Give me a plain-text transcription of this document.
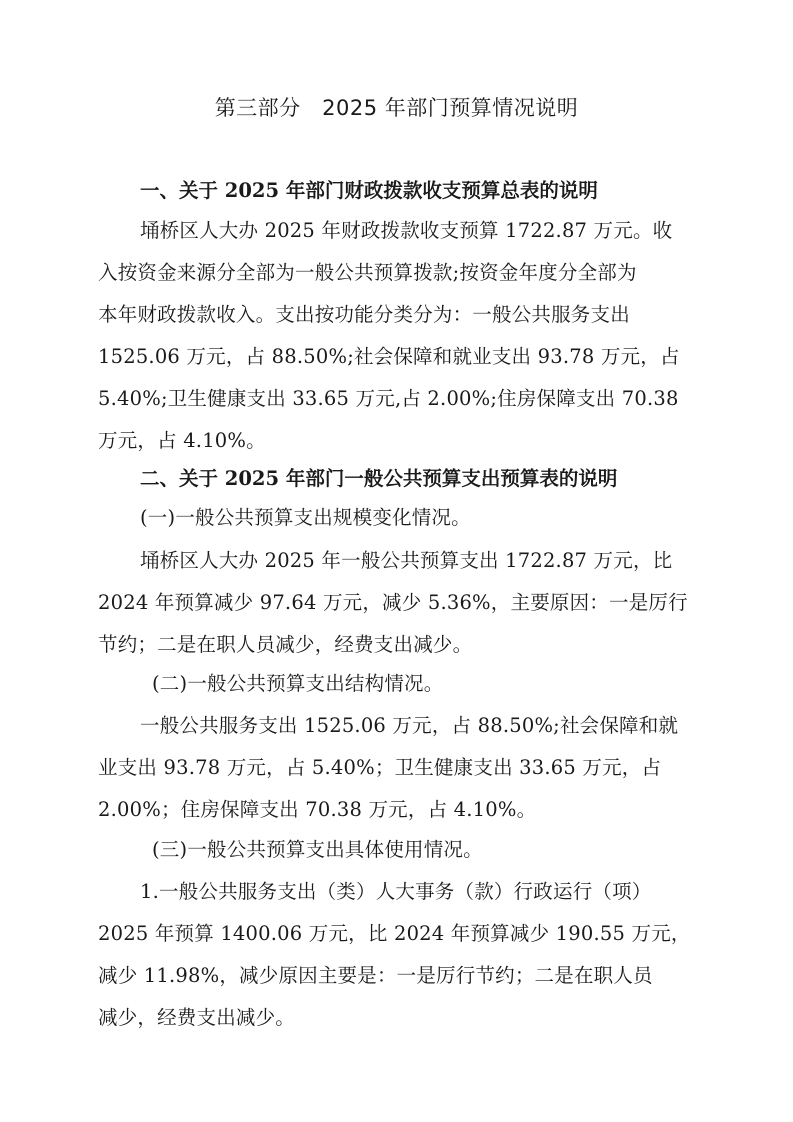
第三部分　2025 年部门预算情况说明

一、关于 2025 年部门财政拨款收支预算总表的说明

埇桥区人大办 2025 年财政拨款收支预算 1722.87 万元。收

入按资金来源分全部为一般公共预算拨款;按资金年度分全部为

本年财政拨款收入。支出按功能分类分为：一般公共服务支出

1525.06 万元，占 88.50%;社会保障和就业支出 93.78 万元，占

5.40%;卫生健康支出 33.65 万元,占 2.00%;住房保障支出 70.38

万元，占 4.10%。

二、关于 2025 年部门一般公共预算支出预算表的说明

(一)一般公共预算支出规模变化情况。

埇桥区人大办 2025 年一般公共预算支出 1722.87 万元，比

2024 年预算减少 97.64 万元，减少 5.36%，主要原因：一是厉行

节约；二是在职人员减少，经费支出减少。

(二)一般公共预算支出结构情况。

一般公共服务支出 1525.06 万元，占 88.50%;社会保障和就

业支出 93.78 万元，占 5.40%；卫生健康支出 33.65 万元，占

2.00%；住房保障支出 70.38 万元，占 4.10%。

(三)一般公共预算支出具体使用情况。

1.一般公共服务支出（类）人大事务（款）行政运行（项）

2025 年预算 1400.06 万元，比 2024 年预算减少 190.55 万元，

减少 11.98%，减少原因主要是：一是厉行节约；二是在职人员

减少，经费支出减少。
